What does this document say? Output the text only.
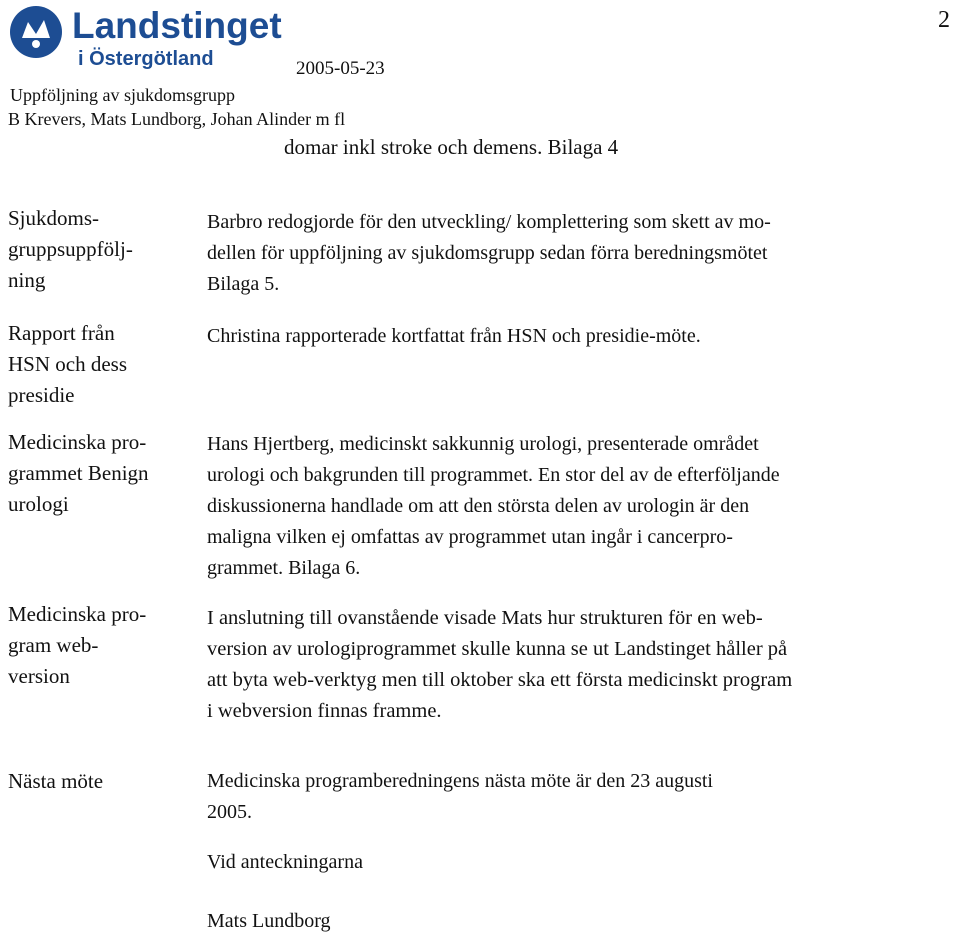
Landstinget
i Östergötland
2
2005-05-23
Uppföljning av sjukdomsgrupp
B Krevers, Mats Lundborg, Johan Alinder m fl
domar inkl stroke och demens. Bilaga 4
Sjukdoms-
gruppsuppfölj-
ning
Barbro redogjorde för den utveckling/ komplettering som skett av mo-
dellen för uppföljning av sjukdomsgrupp sedan förra beredningsmötet
Bilaga 5.
Rapport från
HSN och dess
presidie
Christina rapporterade kortfattat från HSN och presidie-möte.
Medicinska pro-
grammet Benign
urologi
Hans Hjertberg, medicinskt sakkunnig urologi, presenterade området
urologi och bakgrunden till programmet. En stor del av de efterföljande
diskussionerna handlade om att den största delen av urologin är den
maligna vilken ej omfattas av programmet utan ingår i cancerpro-
grammet. Bilaga 6.
Medicinska pro-
gram web-
version
I anslutning till ovanstående visade Mats hur strukturen för en web-
version av urologiprogrammet skulle kunna se ut Landstinget håller på
att byta web-verktyg men till oktober ska ett första medicinskt program
i webversion finnas framme.
Nästa möte	Medicinska programberedningens nästa möte är den 23 augusti
2005.
Vid anteckningarna
Mats Lundborg
